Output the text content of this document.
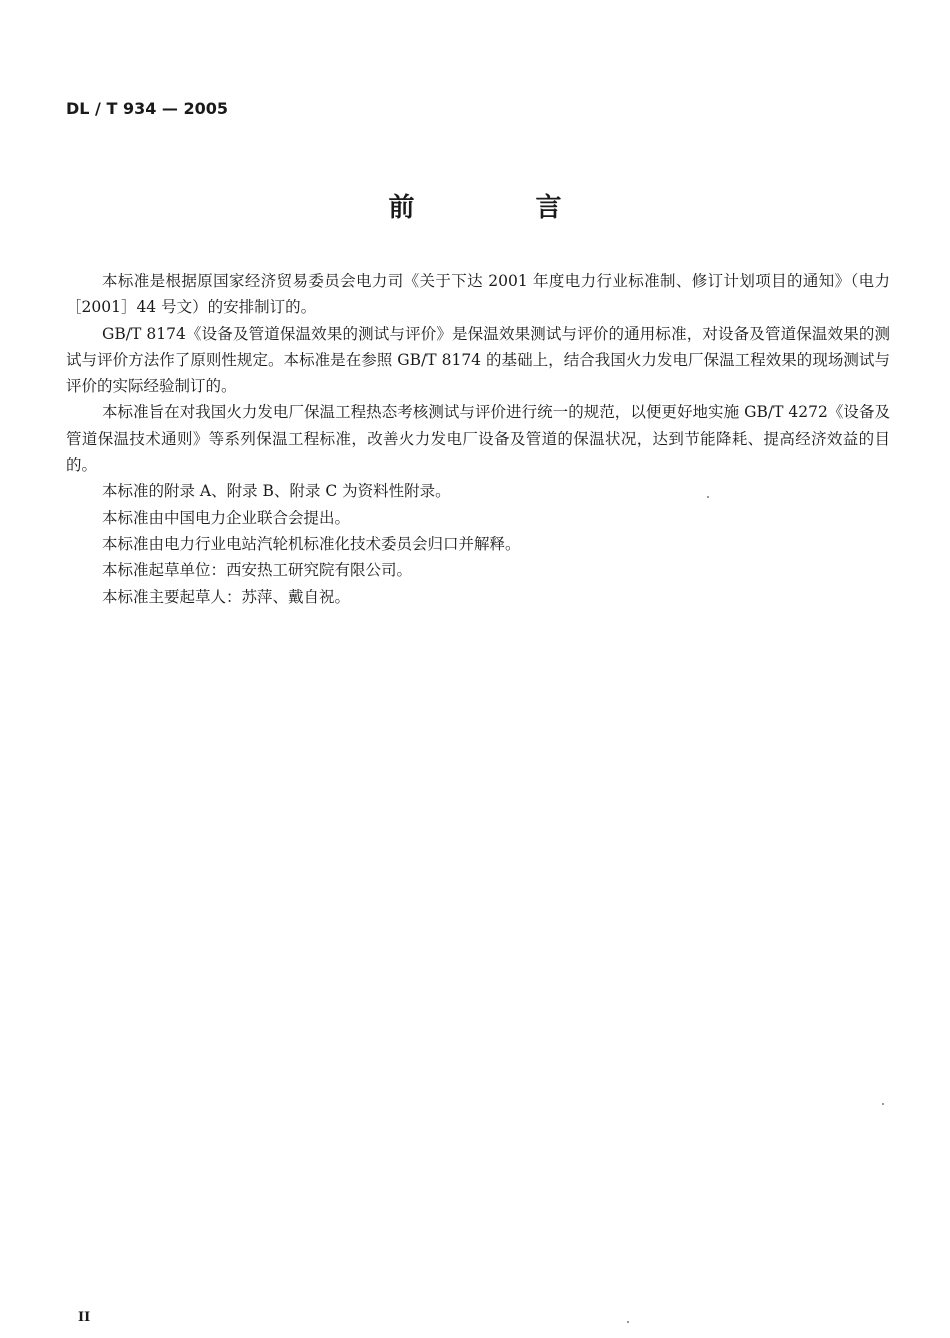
DL / T 934 — 2005
前 言

本标准是根据原国家经济贸易委员会电力司《关于下达 2001 年度电力行业标准制、修订计划项目的通知》（电力［2001］44 号文）的安排制订的。

GB/T 8174《设备及管道保温效果的测试与评价》是保温效果测试与评价的通用标准，对设备及管道保温效果的测试与评价方法作了原则性规定。本标准是在参照 GB/T 8174 的基础上，结合我国火力发电厂保温工程效果的现场测试与评价的实际经验制订的。

本标准旨在对我国火力发电厂保温工程热态考核测试与评价进行统一的规范，以便更好地实施 GB/T 4272《设备及管道保温技术通则》等系列保温工程标准，改善火力发电厂设备及管道的保温状况，达到节能降耗、提高经济效益的目的。

本标准的附录 A、附录 B、附录 C 为资料性附录。

本标准由中国电力企业联合会提出。

本标准由电力行业电站汽轮机标准化技术委员会归口并解释。

本标准起草单位：西安热工研究院有限公司。

本标准主要起草人：苏萍、戴自祝。

II
